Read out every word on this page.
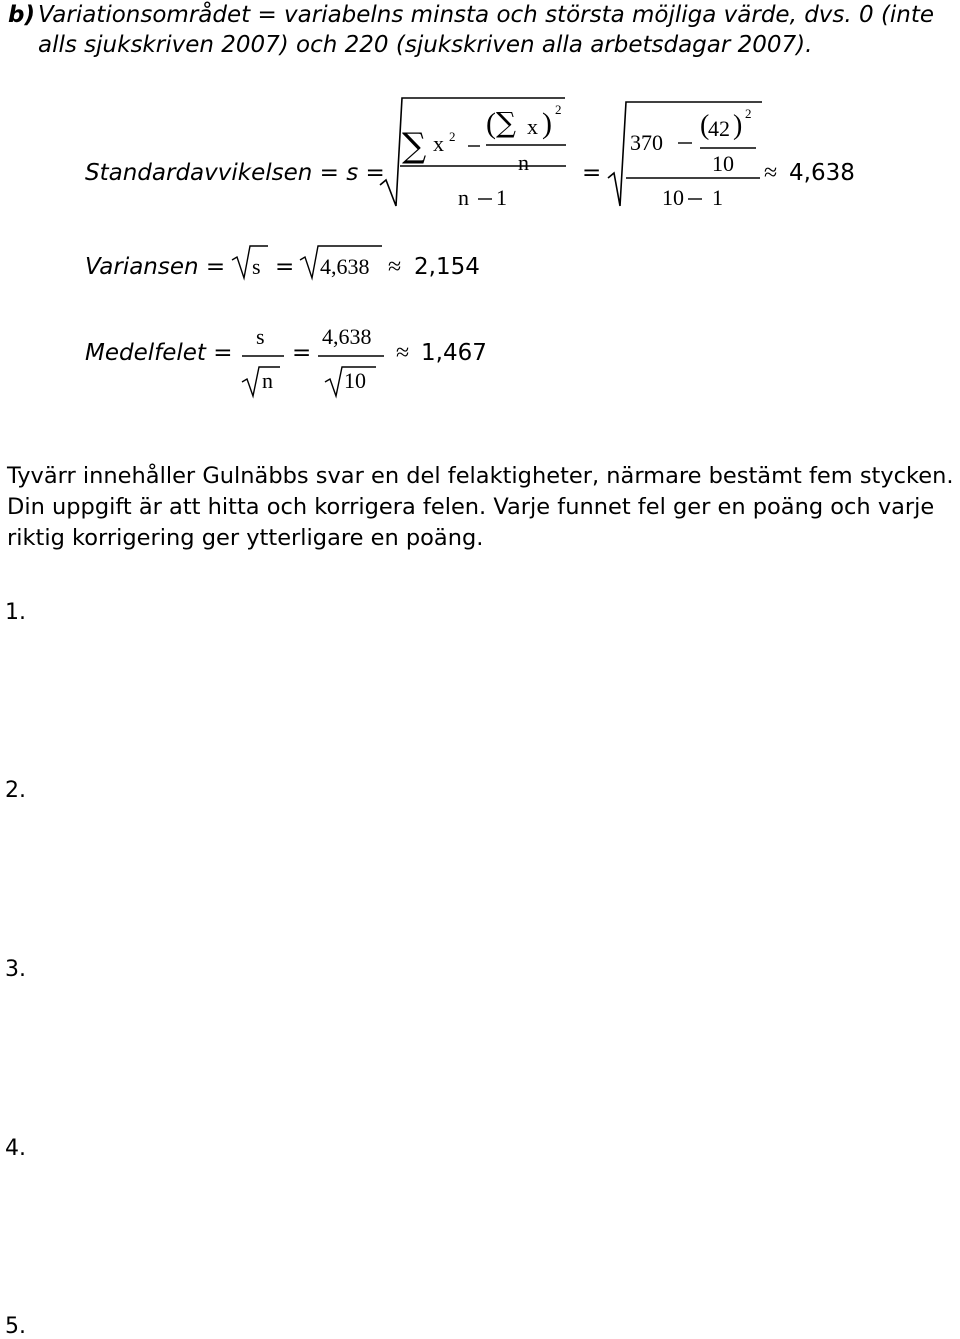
b) Variationsområdet = variabelns minsta och största möjliga värde, dvs. 0 (inte
alls sjukskriven 2007) och 220 (sjukskriven alla arbetsdagar 2007).
Standardavvikelsen = s =
∑
∑
( )	( )
x 2	x
2
n
n 1
=
370
42
2
10
10 1
≈ 4,638
Variansen = s = 4,638 ≈ 2,154
Medelfelet =
s
n
=
4,638
10
≈ 1,467
Tyvärr innehåller Gulnäbbs svar en del felaktigheter, närmare bestämt fem stycken.
Din uppgift är att hitta och korrigera felen. Varje funnet fel ger en poäng och varje
riktig korrigering ger ytterligare en poäng.
1.
2.
3.
4.
5.
